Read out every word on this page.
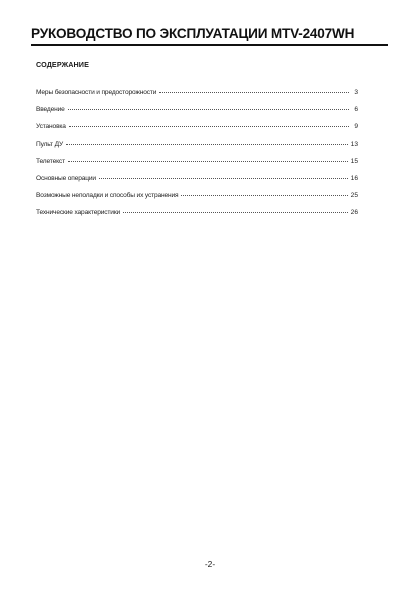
РУКОВОДСТВО ПО ЭКСПЛУАТАЦИИ MTV-2407WH
СОДЕРЖАНИЕ
Меры безопасности и предосторожности	3
Введение	6
Установка	9
Пульт ДУ	13
Телетекст	15
Основные операции	16
Возможные неполадки и способы их устранения	25
Технические характеристики	26
-2-
